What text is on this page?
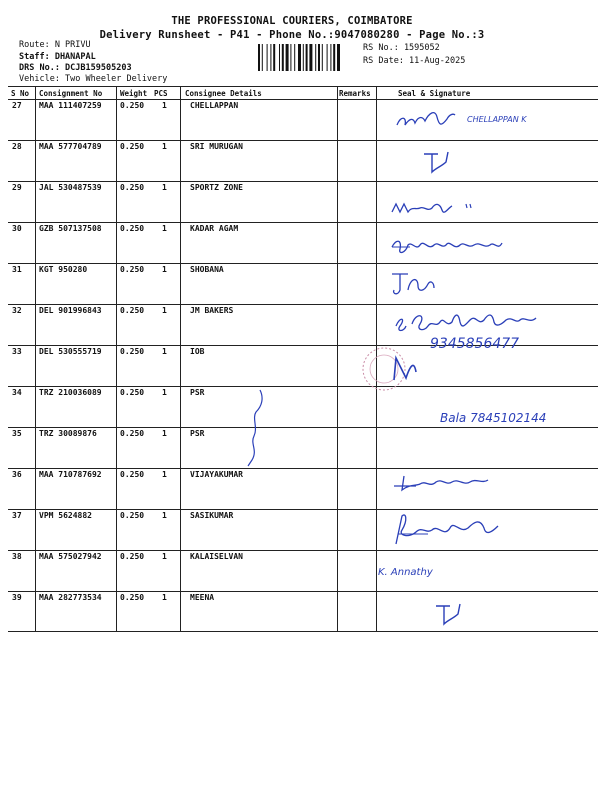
THE PROFESSIONAL COURIERS, COIMBATORE
Delivery Runsheet - P41 - Phone No.:9047080280 - Page No.:3
Route: N PRIVU
Staff: DHANAPAL
DRS No.: DCJB159505203
Vehicle: Two Wheeler Delivery
RS No.: 1595052
RS Date: 11-Aug-2025
S No Consignment No Weight PCS Consignee Details	Remarks	Seal & Signature
27 MAA 111407259 0.250 1	CHELLAPPAN
28 MAA 577704789 0.250 1	SRI MURUGAN
29 JAL 530487539 0.250 1	SPORTZ ZONE
30 GZB 507137508 0.250 1	KADAR AGAM
31 KGT 950280	0.250 1	SHOBANA
32 DEL 901996843 0.250 1	JM BAKERS
33 DEL 530555719 0.250 1	IOB
34 TRZ 210036089 0.250 1	PSR
35 TRZ 30089876	0.250 1	PSR
36 MAA 710787692 0.250 1	VIJAYAKUMAR
37 VPM 5624882	0.250 1	SASIKUMAR
38 MAA 575027942 0.250 1	KALAISELVAN
39 MAA 282773534 0.250 1	MEENA
CHELLAPPAN K
9345856477
Bala 7845102144
K. Annathy
